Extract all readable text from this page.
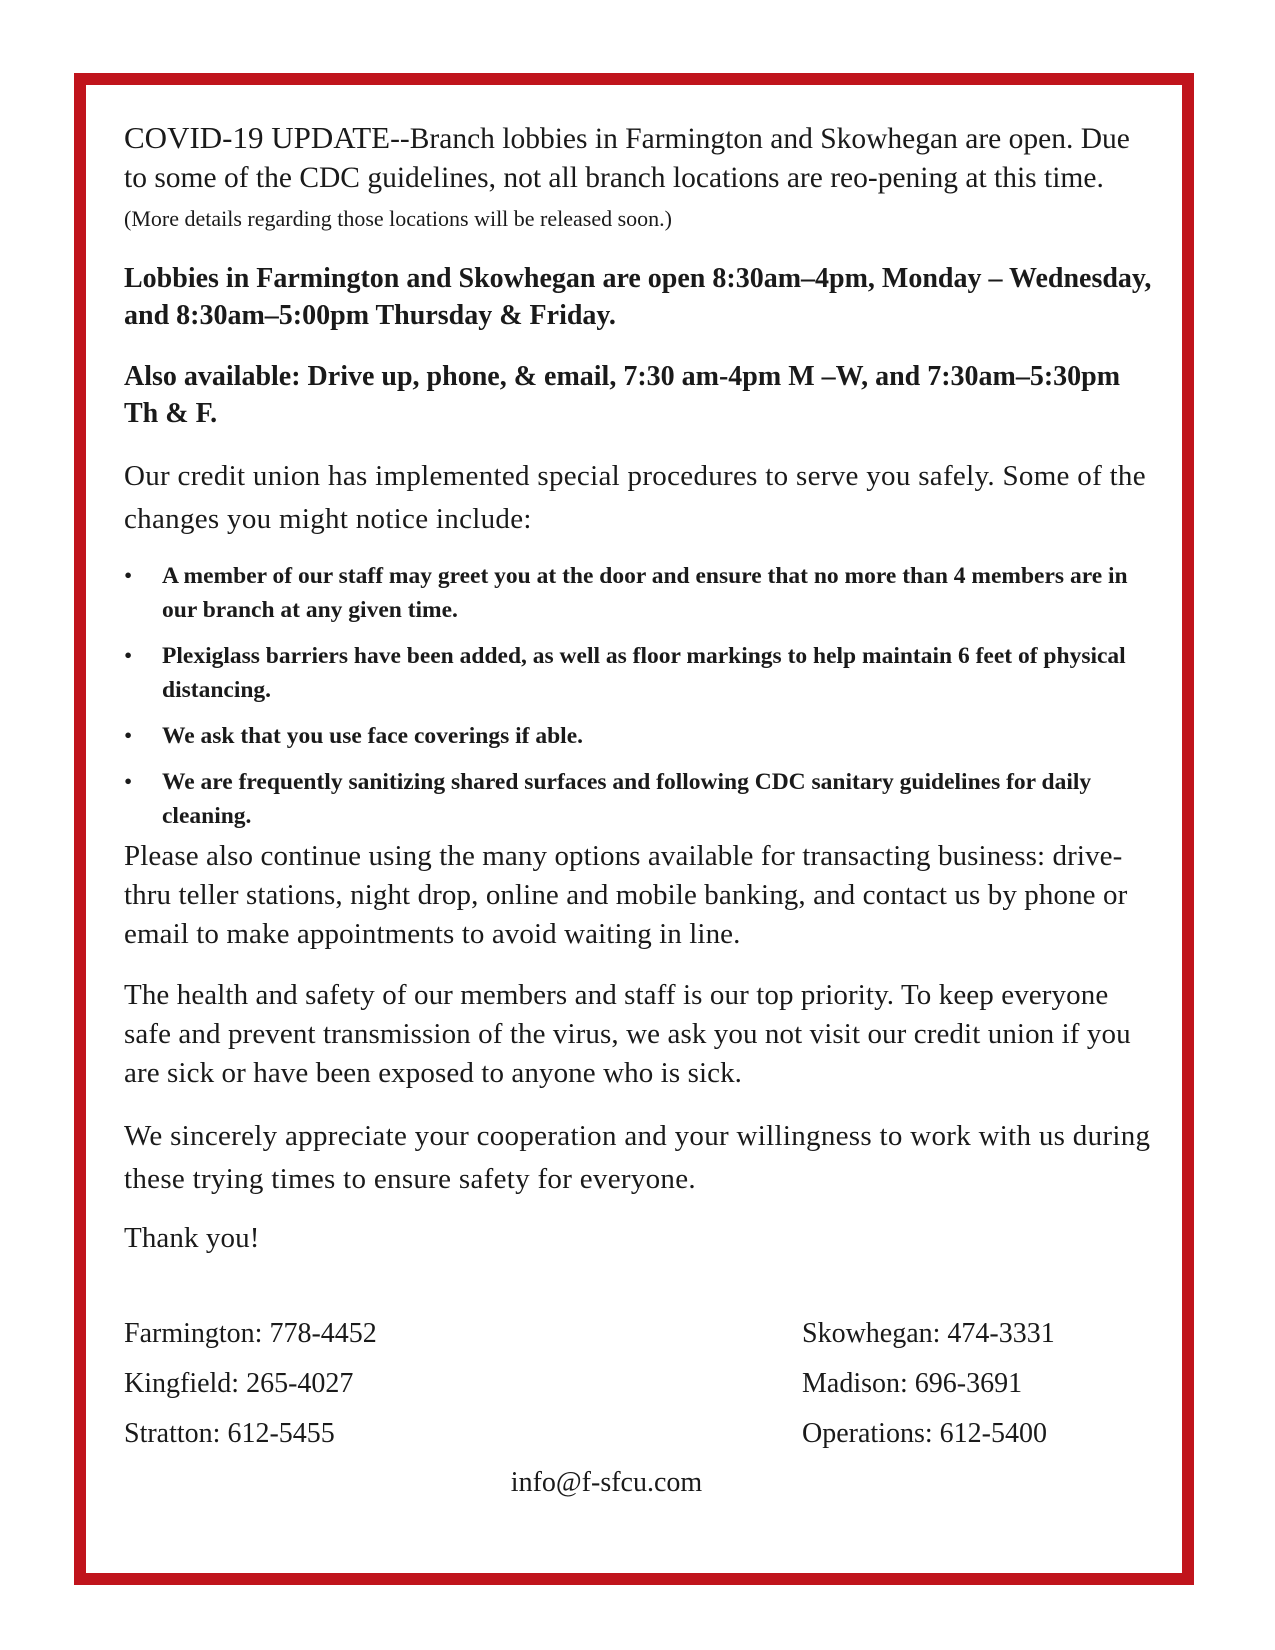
COVID-19 UPDATE--Branch lobbies in Farmington and Skowhegan are open. Due to some of the CDC guidelines, not all branch locations are reo-pening at this time. (More details regarding those locations will be released soon.)

Lobbies in Farmington and Skowhegan are open 8:30am–4pm, Monday – Wednesday, and 8:30am–5:00pm Thursday & Friday.

Also available: Drive up, phone, & email, 7:30 am-4pm M –W, and 7:30am–5:30pm Th & F.

Our credit union has implemented special procedures to serve you safely. Some of the changes you might notice include:

• A member of our staff may greet you at the door and ensure that no more than 4 members are in our branch at any given time.
• Plexiglass barriers have been added, as well as floor markings to help maintain 6 feet of physical distancing.
• We ask that you use face coverings if able.
• We are frequently sanitizing shared surfaces and following CDC sanitary guidelines for daily cleaning.

Please also continue using the many options available for transacting business: drive-thru teller stations, night drop, online and mobile banking, and contact us by phone or email to make appointments to avoid waiting in line.

The health and safety of our members and staff is our top priority. To keep everyone safe and prevent transmission of the virus, we ask you not visit our credit union if you are sick or have been exposed to anyone who is sick.

We sincerely appreciate your cooperation and your willingness to work with us during these trying times to ensure safety for everyone.

Thank you!

Farmington: 778-4452	Skowhegan: 474-3331
Kingfield: 265-4027	Madison: 696-3691
Stratton: 612-5455	Operations: 612-5400
info@f-sfcu.com
